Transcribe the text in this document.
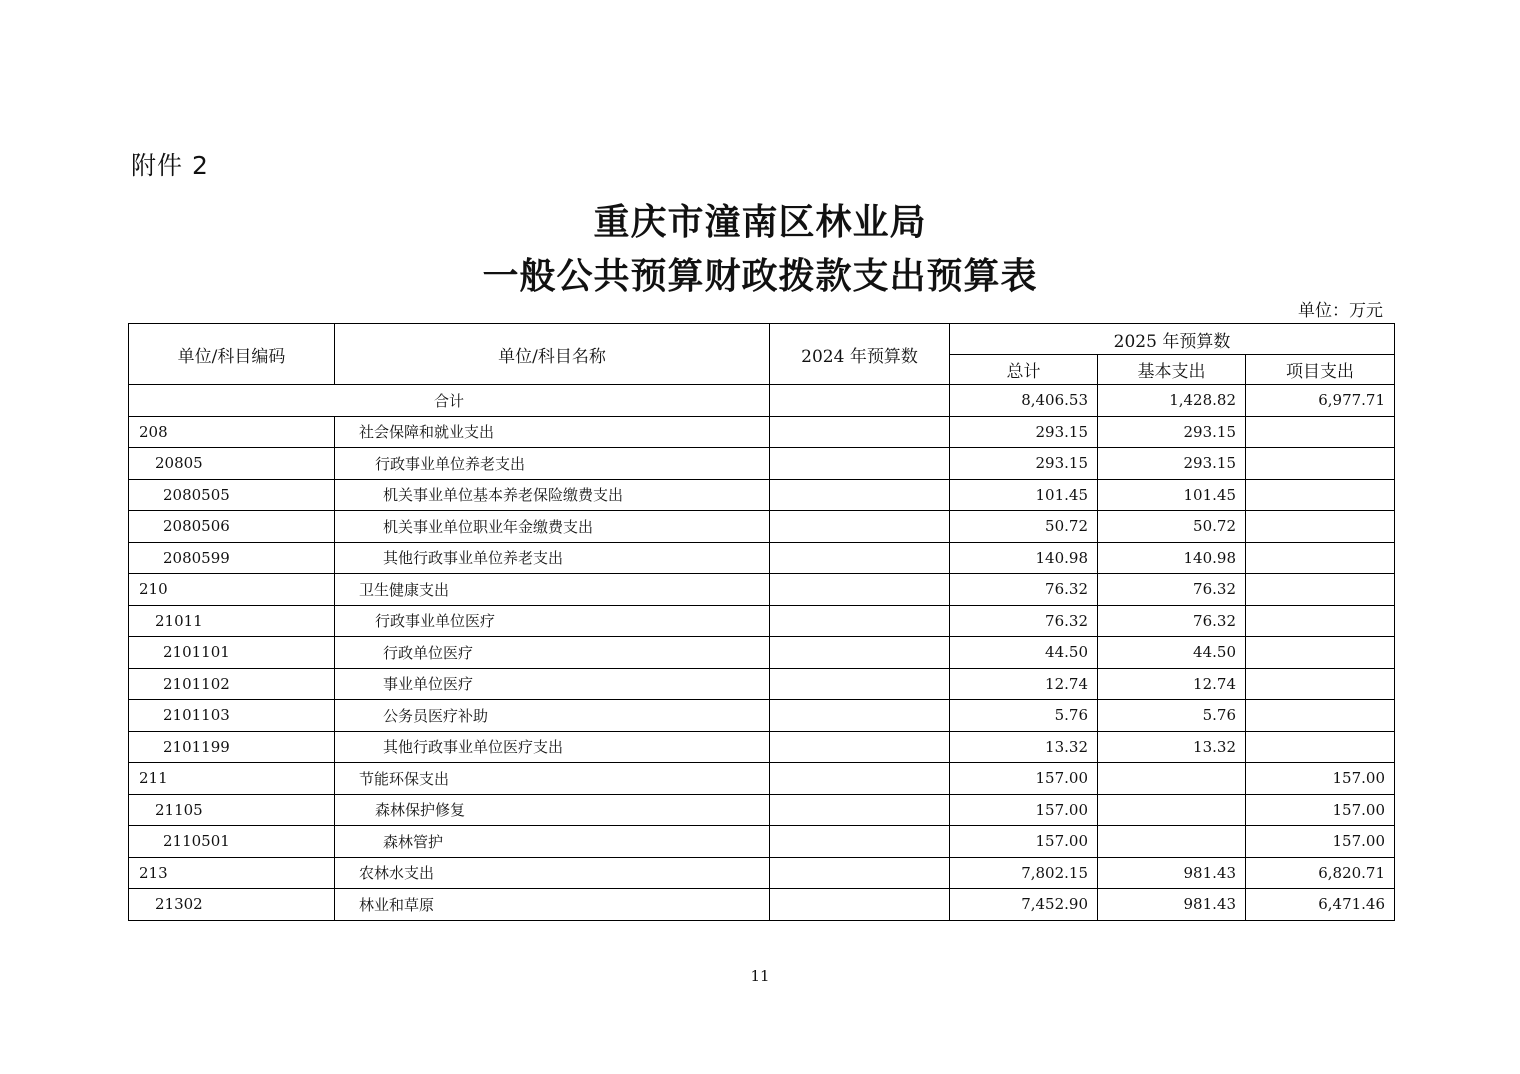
附件 2
重庆市潼南区林业局
一般公共预算财政拨款支出预算表
单位：万元
单位/科目编码	单位/科目名称	2024 年预算数	2025 年预算数		
			总计	基本支出	项目支出
合计			8,406.53	1,428.82	6,977.71
208	社会保障和就业支出		293.15	293.15	
20805	行政事业单位养老支出		293.15	293.15	
2080505	机关事业单位基本养老保险缴费支出		101.45	101.45	
2080506	机关事业单位职业年金缴费支出		50.72	50.72	
2080599	其他行政事业单位养老支出		140.98	140.98	
210	卫生健康支出		76.32	76.32	
21011	行政事业单位医疗		76.32	76.32	
2101101	行政单位医疗		44.50	44.50	
2101102	事业单位医疗		12.74	12.74	
2101103	公务员医疗补助		5.76	5.76	
2101199	其他行政事业单位医疗支出		13.32	13.32	
211	节能环保支出		157.00		157.00
21105	森林保护修复		157.00		157.00
2110501	森林管护		157.00		157.00
213	农林水支出		7,802.15	981.43	6,820.71
21302	林业和草原		7,452.90	981.43	6,471.46
11
